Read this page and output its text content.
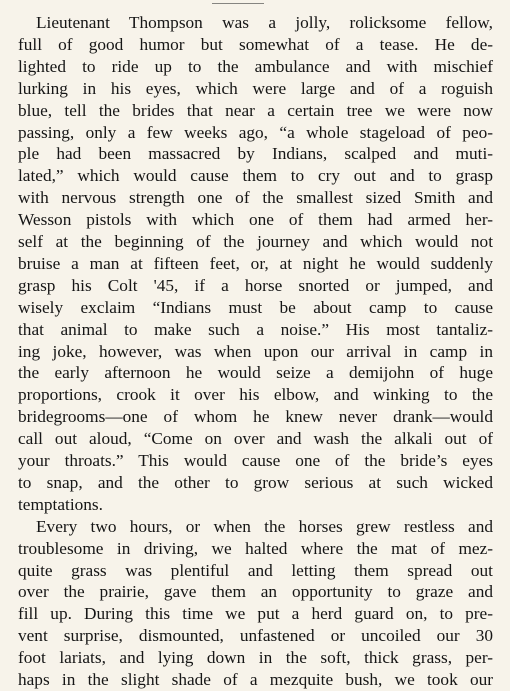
Lieutenant Thompson was a jolly, rolicksome fellow,
full of good humor but somewhat of a tease. He de-
lighted to ride up to the ambulance and with mischief
lurking in his eyes, which were large and of a roguish
blue, tell the brides that near a certain tree we were now
passing, only a few weeks ago, “a whole stageload of peo-
ple had been massacred by Indians, scalped and muti-
lated,” which would cause them to cry out and to grasp
with nervous strength one of the smallest sized Smith and
Wesson pistols with which one of them had armed her-
self at the beginning of the journey and which would not
bruise a man at fifteen feet, or, at night he would suddenly
grasp his Colt '45, if a horse snorted or jumped, and
wisely exclaim “Indians must be about camp to cause
that animal to make such a noise.” His most tantaliz-
ing joke, however, was when upon our arrival in camp in
the early afternoon he would seize a demijohn of huge
proportions, crook it over his elbow, and winking to the
bridegrooms—one of whom he knew never drank—would
call out aloud, “Come on over and wash the alkali out of
your throats.” This would cause one of the bride’s eyes
to snap, and the other to grow serious at such wicked
temptations.
Every two hours, or when the horses grew restless and
troublesome in driving, we halted where the mat of mez-
quite grass was plentiful and letting them spread out
over the prairie, gave them an opportunity to graze and
fill up. During this time we put a herd guard on, to pre-
vent surprise, dismounted, unfastened or uncoiled our 30
foot lariats, and lying down in the soft, thick grass, per-
haps in the slight shade of a mezquite bush, we took our
